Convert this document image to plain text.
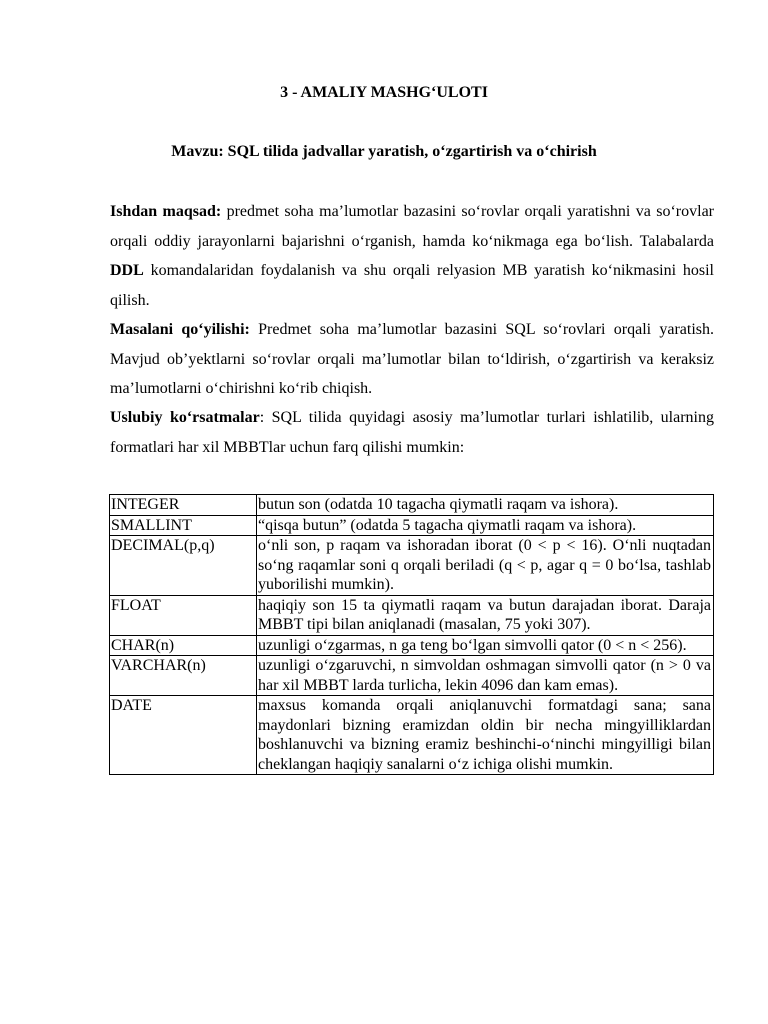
3 - AMALIY MASHG‘ULOTI
Mavzu: SQL tilida jadvallar yaratish, o‘zgartirish va o‘chirish
Ishdan maqsad: predmet soha ma’lumotlar bazasini so‘rovlar orqali yaratishni va so‘rovlar orqali oddiy jarayonlarni bajarishni o‘rganish, hamda ko‘nikmaga ega bo‘lish. Talabalarda DDL komandalaridan foydalanish va shu orqali relyasion MB yaratish ko‘nikmasini hosil qilish.
Masalani qo‘yilishi: Predmet soha ma’lumotlar bazasini SQL so‘rovlari orqali yaratish. Mavjud ob’yektlarni so‘rovlar orqali ma’lumotlar bilan to‘ldirish, o‘zgartirish va keraksiz ma’lumotlarni o‘chirishni ko‘rib chiqish.
Uslubiy ko‘rsatmalar: SQL tilida quyidagi asosiy ma’lumotlar turlari ishlatilib, ularning formatlari har xil MBBTlar uchun farq qilishi mumkin:
INTEGER	butun son (odatda 10 tagacha qiymatli raqam va ishora).
SMALLINT	“qisqa butun” (odatda 5 tagacha qiymatli raqam va ishora).
DECIMAL(p,q)	o‘nli son, p raqam va ishoradan iborat (0 < p < 16). O‘nli nuqtadan so‘ng raqamlar soni q orqali beriladi (q < p, agar q = 0 bo‘lsa, tashlab yuborilishi mumkin).
FLOAT	haqiqiy son 15 ta qiymatli raqam va butun darajadan iborat. Daraja MBBT tipi bilan aniqlanadi (masalan, 75 yoki 307).
CHAR(n)	uzunligi o‘zgarmas, n ga teng bo‘lgan simvolli qator (0 < n < 256).
VARCHAR(n)	uzunligi o‘zgaruvchi, n simvoldan oshmagan simvolli qator (n > 0 va har xil MBBT larda turlicha, lekin 4096 dan kam emas).
DATE	maxsus komanda orqali aniqlanuvchi formatdagi sana; sana maydonlari bizning eramizdan oldin bir necha mingyilliklardan boshlanuvchi va bizning eramiz beshinchi-o‘ninchi mingyilligi bilan cheklangan haqiqiy sanalarni o‘z ichiga olishi mumkin.
